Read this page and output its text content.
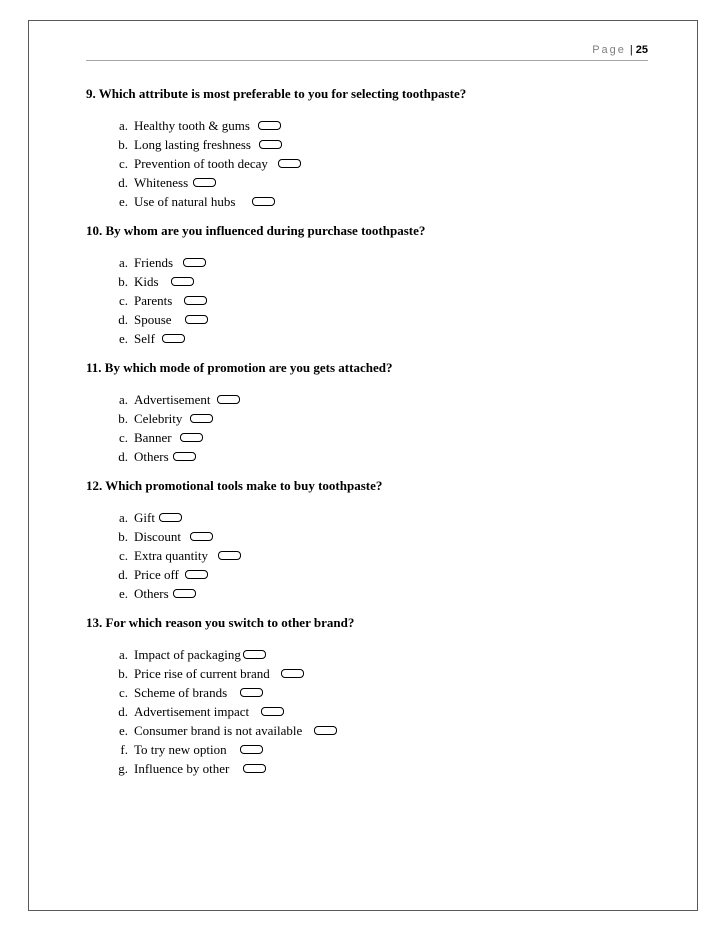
Page | 25
9. Which attribute is most preferable to you for selecting toothpaste?
a. Healthy tooth & gums
b. Long lasting freshness
c. Prevention of tooth decay
d. Whiteness
e. Use of natural hubs
10. By whom are you influenced during purchase toothpaste?
a. Friends
b. Kids
c. Parents
d. Spouse
e. Self
11. By which mode of promotion are you gets attached?
a. Advertisement
b. Celebrity
c. Banner
d. Others
12. Which promotional tools make to buy toothpaste?
a. Gift
b. Discount
c. Extra quantity
d. Price off
e. Others
13. For which reason you switch to other brand?
a. Impact of packaging
b. Price rise of current brand
c. Scheme of brands
d. Advertisement impact
e. Consumer brand is not available
f. To try new option
g. Influence by other
